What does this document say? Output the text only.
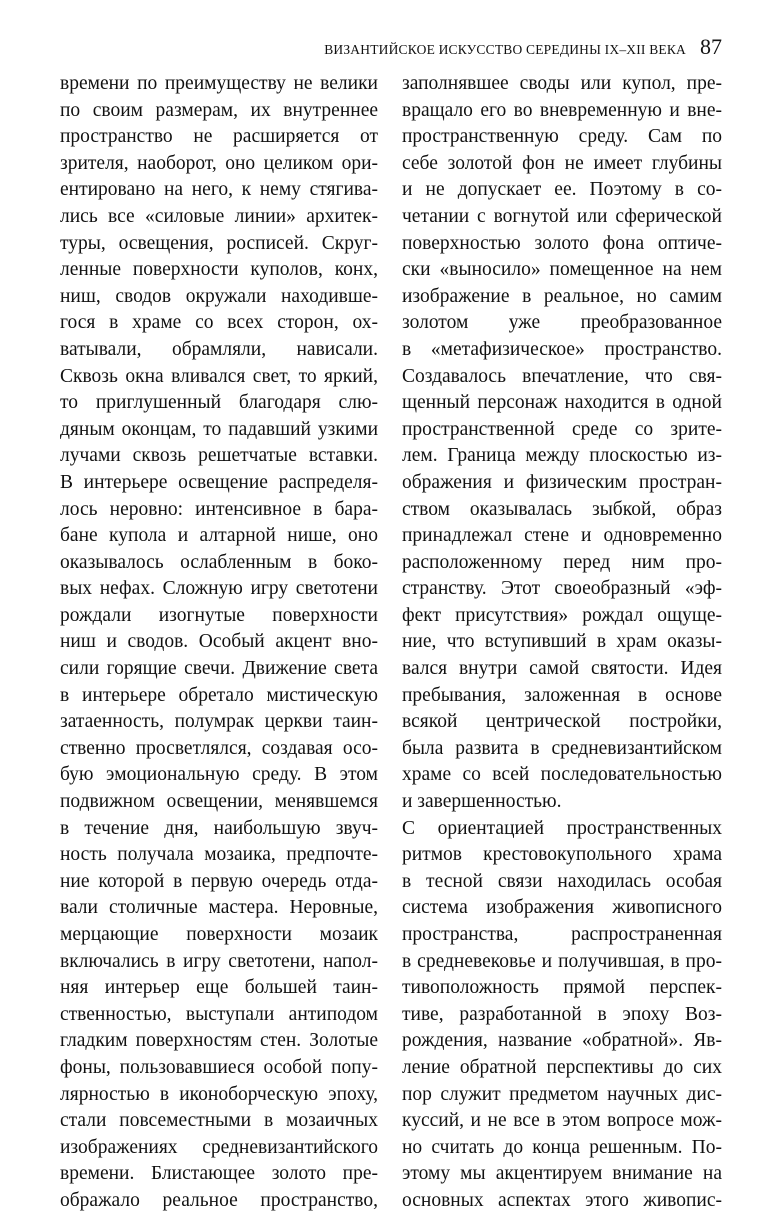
ВИЗАНТИЙСКОЕ ИСКУССТВО СЕРЕДИНЫ IX–XII ВЕКА 87
времени по преимуществу не велики
по своим размерам, их внутреннее
пространство не расширяется от
зрителя, наоборот, оно целиком ори-
ентировано на него, к нему стягива-
лись все «силовые линии» архитек-
туры, освещения, росписей. Скруг-
ленные поверхности куполов, конх,
ниш, сводов окружали находивше-
гося в храме со всех сторон, ох-
ватывали, обрамляли, нависали.
Сквозь окна вливался свет, то яркий,
то приглушенный благодаря слю-
дяным оконцам, то падавший узкими
лучами сквозь решетчатые вставки.
В интерьере освещение распределя-
лось неровно: интенсивное в бара-
бане купола и алтарной нише, оно
оказывалось ослабленным в боко-
вых нефах. Сложную игру светотени
рождали изогнутые поверхности
ниш и сводов. Особый акцент вно-
сили горящие свечи. Движение света
в интерьере обретало мистическую
затаенность, полумрак церкви таин-
ственно просветлялся, создавая осо-
бую эмоциональную среду. В этом
подвижном освещении, менявшемся
в течение дня, наибольшую звуч-
ность получала мозаика, предпочте-
ние которой в первую очередь отда-
вали столичные мастера. Неровные,
мерцающие поверхности мозаик
включались в игру светотени, напол-
няя интерьер еще большей таин-
ственностью, выступали антиподом
гладким поверхностям стен. Золотые
фоны, пользовавшиеся особой попу-
лярностью в иконоборческую эпоху,
стали повсеместными в мозаичных
изображениях средневизантийского
времени. Блистающее золото пре-
ображало реальное пространство,
заполнявшее своды или купол, пре-
вращало его во вневременную и вне-
пространственную среду. Сам по
себе золотой фон не имеет глубины
и не допускает ее. Поэтому в со-
четании с вогнутой или сферической
поверхностью золото фона оптиче-
ски «выносило» помещенное на нем
изображение в реальное, но самим
золотом уже преобразованное
в «метафизическое» пространство.
Создавалось впечатление, что свя-
щенный персонаж находится в одной
пространственной среде со зрите-
лем. Граница между плоскостью из-
ображения и физическим простран-
ством оказывалась зыбкой, образ
принадлежал стене и одновременно
расположенному перед ним про-
странству. Этот своеобразный «эф-
фект присутствия» рождал ощуще-
ние, что вступивший в храм оказы-
вался внутри самой святости. Идея
пребывания, заложенная в основе
всякой центрической постройки,
была развита в средневизантийском
храме со всей последовательностью
и завершенностью.
С ориентацией пространственных
ритмов крестовокупольного храма
в тесной связи находилась особая
система изображения живописного
пространства, распространенная
в средневековье и получившая, в про-
тивоположность прямой перспек-
тиве, разработанной в эпоху Воз-
рождения, название «обратной». Яв-
ление обратной перспективы до сих
пор служит предметом научных дис-
куссий, и не все в этом вопросе мож-
но считать до конца решенным. По-
этому мы акцентируем внимание на
основных аспектах этого живопис-
